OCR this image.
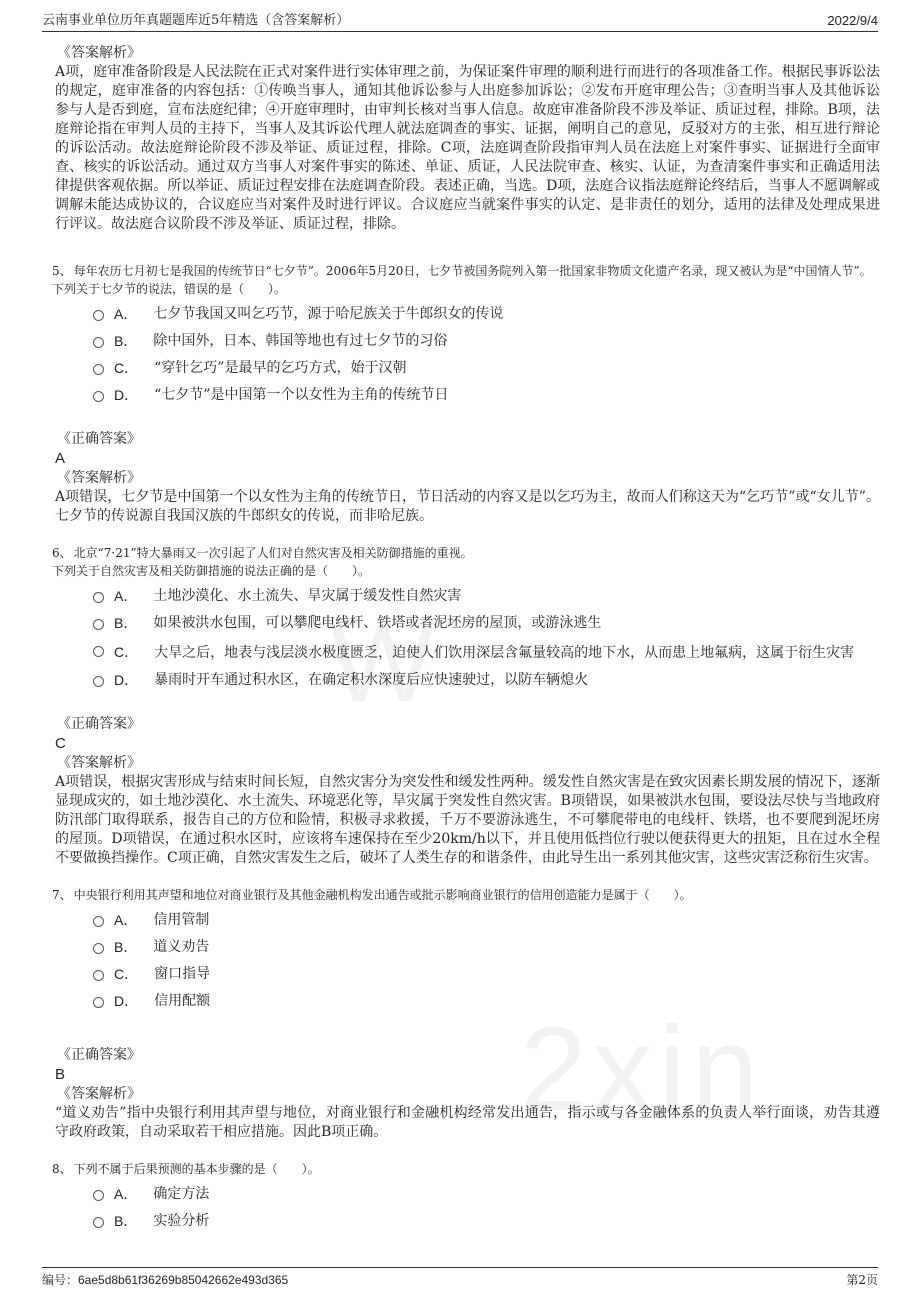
云南事业单位历年真题题库近5年精选（含答案解析）	2022/9/4
W
2xin
《答案解析》
A项，庭审准备阶段是人民法院在正式对案件进行实体审理之前，为保证案件审理的顺利进行而进行的各项准备工作。根据民事诉讼法的规定，庭审准备的内容包括：①传唤当事人，通知其他诉讼参与人出庭参加诉讼；②发布开庭审理公告；③查明当事人及其他诉讼参与人是否到庭，宣布法庭纪律；④开庭审理时，由审判长核对当事人信息。故庭审准备阶段不涉及举证、质证过程，排除。B项，法庭辩论指在审判人员的主持下，当事人及其诉讼代理人就法庭调查的事实、证据，阐明自己的意见，反驳对方的主张，相互进行辩论的诉讼活动。故法庭辩论阶段不涉及举证、质证过程，排除。C项，法庭调查阶段指审判人员在法庭上对案件事实、证据进行全面审查、核实的诉讼活动。通过双方当事人对案件事实的陈述、单证、质证，人民法院审查、核实、认证，为查清案件事实和正确适用法律提供客观依据。所以举证、质证过程安排在法庭调查阶段。表述正确，当选。D项，法庭合议指法庭辩论终结后，当事人不愿调解或调解未能达成协议的，合议庭应当对案件及时进行评议。合议庭应当就案件事实的认定、是非责任的划分，适用的法律及处理成果进行评议。故法庭合议阶段不涉及举证、质证过程，排除。
5、 每年农历七月初七是我国的传统节日“七夕节”。2006年5月20日，七夕节被国务院列入第一批国家非物质文化遗产名录，现又被认为是“中国情人节”。
下列关于七夕节的说法，错误的是（　　）。
A． 七夕节我国又叫乞巧节，源于哈尼族关于牛郎织女的传说
B． 除中国外，日本、韩国等地也有过七夕节的习俗
C． “穿针乞巧”是最早的乞巧方式，始于汉朝
D． “七夕节”是中国第一个以女性为主角的传统节日
《正确答案》
A
《答案解析》
A项错误，七夕节是中国第一个以女性为主角的传统节日，节日活动的内容又是以乞巧为主，故而人们称这天为“乞巧节”或“女儿节”。七夕节的传说源自我国汉族的牛郎织女的传说，而非哈尼族。
6、 北京“7·21”特大暴雨又一次引起了人们对自然灾害及相关防御措施的重视。
下列关于自然灾害及相关防御措施的说法正确的是（　　）。
A． 土地沙漠化、水土流失、旱灾属于缓发性自然灾害
B． 如果被洪水包围，可以攀爬电线杆、铁塔或者泥坯房的屋顶，或游泳逃生
C． 大旱之后，地表与浅层淡水极度匮乏，迫使人们饮用深层含氟量较高的地下水，从而患上地氟病，这属于衍生灾害
D． 暴雨时开车通过积水区，在确定积水深度后应快速驶过，以防车辆熄火
《正确答案》
C
《答案解析》
A项错误，根据灾害形成与结束时间长短，自然灾害分为突发性和缓发性两种。缓发性自然灾害是在致灾因素长期发展的情况下，逐渐显现成灾的，如土地沙漠化、水土流失、环境恶化等，旱灾属于突发性自然灾害。B项错误，如果被洪水包围，要设法尽快与当地政府防汛部门取得联系，报告自己的方位和险情，积极寻求救援，千万不要游泳逃生，不可攀爬带电的电线杆、铁塔，也不要爬到泥坯房的屋顶。D项错误，在通过积水区时，应该将车速保持在至少20km/h以下，并且使用低挡位行驶以便获得更大的扭矩，且在过水全程不要做换挡操作。C项正确，自然灾害发生之后，破坏了人类生存的和谐条件，由此导生出一系列其他灾害，这些灾害泛称衍生灾害。
7、 中央银行利用其声望和地位对商业银行及其他金融机构发出通告或批示影响商业银行的信用创造能力是属于（　　）。
A． 信用管制
B． 道义劝告
C． 窗口指导
D． 信用配额
《正确答案》
B
《答案解析》
“道义劝告”指中央银行利用其声望与地位，对商业银行和金融机构经常发出通告，指示或与各金融体系的负责人举行面谈，劝告其遵守政府政策，自动采取若干相应措施。因此B项正确。
8、 下列不属于后果预测的基本步骤的是（　　）。
A． 确定方法
B． 实验分析
编号：6ae5d8b61f36269b85042662e493d365	第2页
